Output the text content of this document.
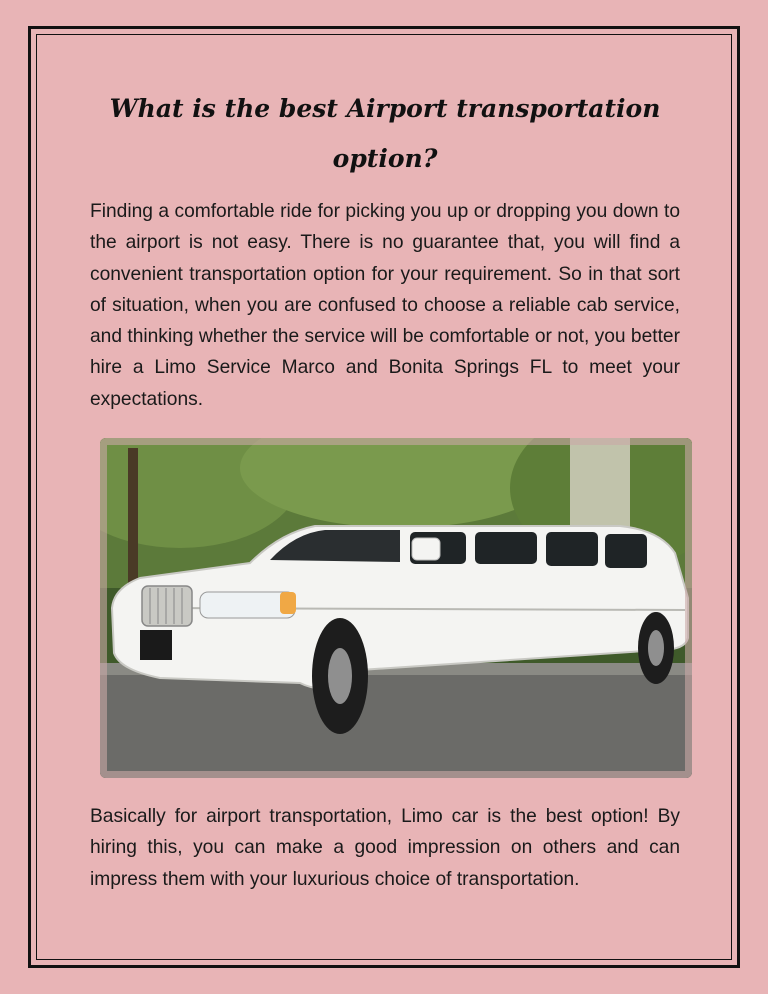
What is the best Airport transportation option?

Finding a comfortable ride for picking you up or dropping you down to the airport is not easy. There is no guarantee that, you will find a convenient transportation option for your requirement. So in that sort of situation, when you are confused to choose a reliable cab service, and thinking whether the service will be comfortable or not, you better hire a Limo Service Marco and Bonita Springs FL to meet your expectations.

Basically for airport transportation, Limo car is the best option! By hiring this, you can make a good impression on others and can impress them with your luxurious choice of transportation.
